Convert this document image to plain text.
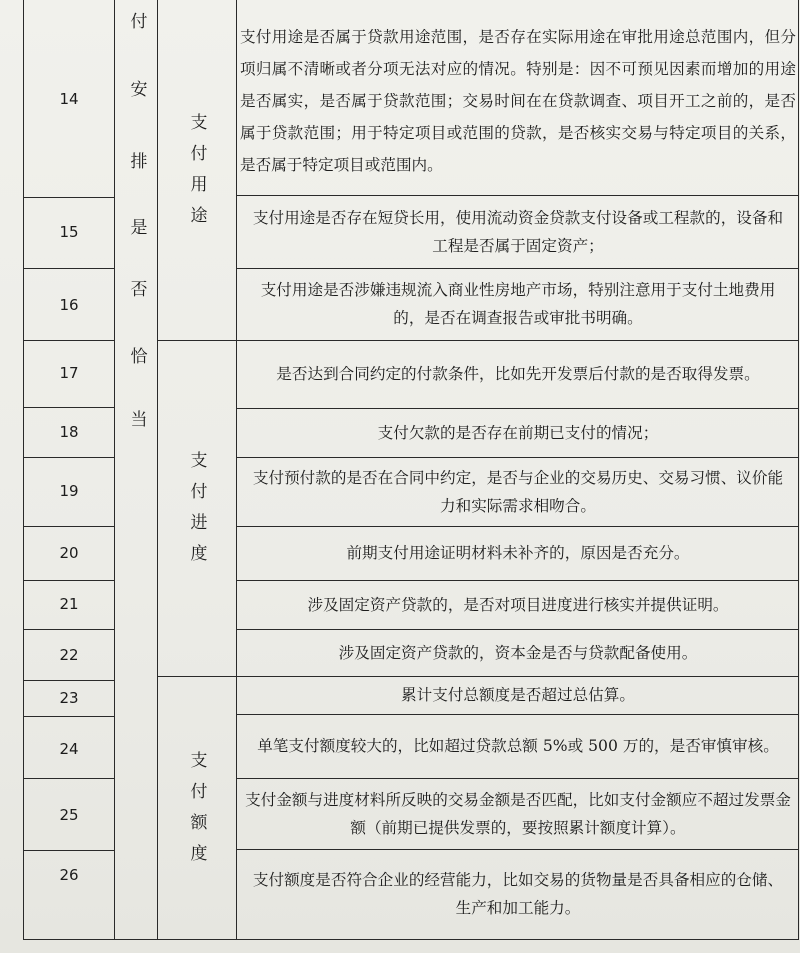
14
15
16
17
18
19
20
21
22
23
24
25
26
付
安
排
是
否
恰
当
支付用途
支付进度
支付额度
支付用途是否属于贷款用途范围，是否存在实际用途在审批用途总范围内，但分项归属不清晰或者分项无法对应的情况。特别是：因不可预见因素而增加的用途是否属实，是否属于贷款范围；交易时间在在贷款调查、项目开工之前的，是否属于贷款范围；用于特定项目或范围的贷款，是否核实交易与特定项目的关系，是否属于特定项目或范围内。
支付用途是否存在短贷长用，使用流动资金贷款支付设备或工程款的，设备和工程是否属于固定资产；
支付用途是否涉嫌违规流入商业性房地产市场，特别注意用于支付土地费用的，是否在调查报告或审批书明确。
是否达到合同约定的付款条件，比如先开发票后付款的是否取得发票。
支付欠款的是否存在前期已支付的情况；
支付预付款的是否在合同中约定，是否与企业的交易历史、交易习惯、议价能力和实际需求相吻合。
前期支付用途证明材料未补齐的，原因是否充分。
涉及固定资产贷款的，是否对项目进度进行核实并提供证明。
涉及固定资产贷款的，资本金是否与贷款配备使用。
累计支付总额度是否超过总估算。
单笔支付额度较大的，比如超过贷款总额 5%或 500 万的，是否审慎审核。
支付金额与进度材料所反映的交易金额是否匹配，比如支付金额应不超过发票金额（前期已提供发票的，要按照累计额度计算）。
支付额度是否符合企业的经营能力，比如交易的货物量是否具备相应的仓储、生产和加工能力。
